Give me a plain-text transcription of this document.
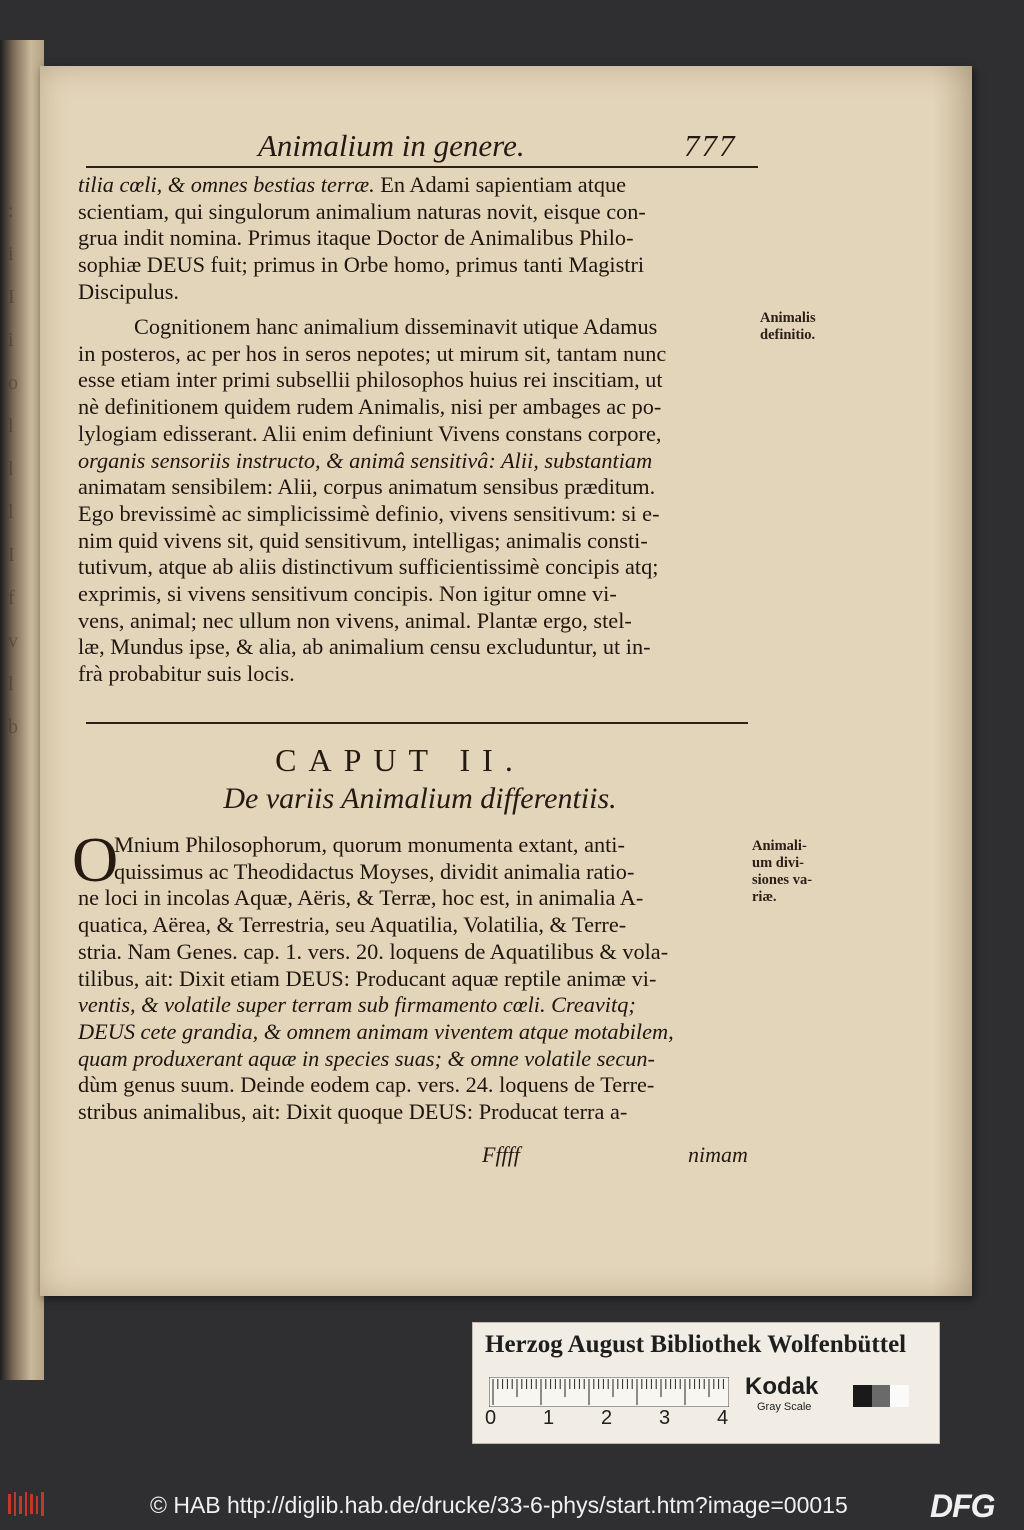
:
i
I
i
o
l
l
l
I
f
v
l
b
Animalium in genere.	777
tilia cœli, & omnes bestias terræ. En Adami sapientiam atque
scientiam, qui singulorum animalium naturas novit, eisque con-
grua indit nomina. Primus itaque Doctor de Animalibus Philo-
sophiæ DEUS fuit; primus in Orbe homo, primus tanti Magistri
Discipulus.
Cognitionem hanc animalium disseminavit utique Adamus
in posteros, ac per hos in seros nepotes; ut mirum sit, tantam nunc
esse etiam inter primi subsellii philosophos huius rei inscitiam, ut
nè definitionem quidem rudem Animalis, nisi per ambages ac po-
lylogiam edisserant. Alii enim definiunt Vivens constans corpore,
organis sensoriis instructo, & animâ sensitivâ: Alii, substantiam
animatam sensibilem: Alii, corpus animatum sensibus præditum.
Ego brevissimè ac simplicissimè definio, vivens sensitivum: si e-
nim quid vivens sit, quid sensitivum, intelligas; animalis consti-
tutivum, atque ab aliis distinctivum sufficientissimè concipis atq;
exprimis, si vivens sensitivum concipis. Non igitur omne vi-
vens, animal; nec ullum non vivens, animal. Plantæ ergo, stel-
læ, Mundus ipse, & alia, ab animalium censu excluduntur, ut in-
frà probabitur suis locis.
Animalis
definitio.
CAPUT II.
De variis Animalium differentiis.
O
Mnium Philosophorum, quorum monumenta extant, anti-
quissimus ac Theodidactus Moyses, dividit animalia ratio-
ne loci in incolas Aquæ, Aëris, & Terræ, hoc est, in animalia A-
quatica, Aërea, & Terrestria, seu Aquatilia, Volatilia, & Terre-
stria. Nam Genes. cap. 1. vers. 20. loquens de Aquatilibus & vola-
tilibus, ait: Dixit etiam DEUS: Producant aquæ reptile animæ vi-
ventis, & volatile super terram sub firmamento cœli. Creavitq;
DEUS cete grandia, & omnem animam viventem atque motabilem,
quam produxerant aquæ in species suas; & omne volatile secun-
dùm genus suum. Deinde eodem cap. vers. 24. loquens de Terre-
stribus animalibus, ait: Dixit quoque DEUS: Producat terra a-
Animali-
um divi-
siones va-
riæ.
Fffff	nimam
Herzog August Bibliothek Wolfenbüttel
0 1 2 3 4
Kodak
Gray Scale
© HAB http://diglib.hab.de/drucke/33-6-phys/start.htm?image=00015	DFG
